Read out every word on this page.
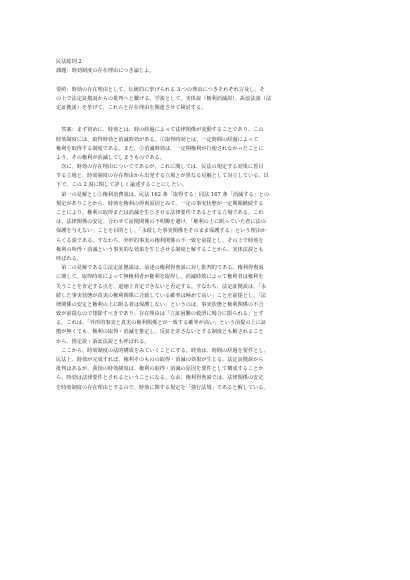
民法総則 2
課題：時効制度の存在理由につき論じよ。
要約：時効の存在理由として、伝統的に挙げられる 3 つの理由につきそれぞれ言及し、そ
の上で法定証拠説からの批判へと繋げる。学説として、実体説（権利消滅説）、訴訟法説（法
定証拠説）を挙げて、これらと存在理由を関連させて検討する。
　答案：まず初めに、時効とは、時の経過によって法律関係が変動することであり、この
時効制度には、取得時効と消滅時効がある。①取得時効とは、一定時間の経過によって
権利を取得する制度である。また、②消滅時効は、一定期権利が行使されなかったことに
より、その権利が消滅してしまうものである。
　次に、時効の存在理由についてであるが、これに関しては、民法の規定する効果に着目
する立場と、時効制度の存在理由から出発する立場とが異なる見解として対立している。以
下で、この 2 説に関して詳しく論述することにしたい。
　第一の見解とし①権利消費説は、民法 162 条「取得する」同法 167 条「消滅する」との
規定がありことから、時効を権利の得喪原因とみて、一定の事実状態が一定期間継続する
ことにより、権利の取得または消滅を生じさせる法律要件であるとする立場である。これ
は、法律関係の安定、合わせて証拠関係の不明瞭を避け、「権利の上に眠っていた者に法の
保護を与えない」ことを目的とし、「永続した事実関係をそのまま保護する」という理由か
らくる説である。すなわち、外形的事実の権利関係の不一致を前提とし、その上で時効を
権利の所得・消滅という事実的な効果を生じさせる制度と解することから、実体法説とも
呼ばれる。
　第二の見解である②法定証拠説は、前述の権利得喪説に対し批判的である。権利得喪説
に関して、取得時効によって無権利者が権利を取得し、消滅時効によって権利者は権利を
失うことを肯定する点を、道徳上肯定できないと否定する。すなわち、法定証拠説は、「永
続した事実状態が真実の権利関係に合致している確率は極めて高い」ことを前提とし、「法
律関係の安定と権利の上に眠る者は保護しない」というのは、事実状態と権利関係の不合
致が前提なので排除すべきであり、存在理由は「立証困難の救済に場合に限られる」とす
る。これは、「外形的事実と真実の権利関係とが一致する確率が高い」という前提の上に証
拠が無くても、権利の取得・消滅を推定し、反証を許さないとする制度とも解されること
から、推定説・訴訟法説とも呼ばれる。
　ここから、時効制度の法的構成をみていくことにする。時効は、時間の経過を要件とし、
民法上、時効が完成すれば、権利そのものの取得・消滅の効果が生じる。法定証拠説から
批判はあるが、我国の時効制度は、権利の取得・消滅の原因を要件として構成することか
ら、時効は法律要件とされるということになる。なお、権利得喪説では、法律関係の安定
を時効制度の存在理由とするので、時効に関する規定を「強行法規」であると解している。
